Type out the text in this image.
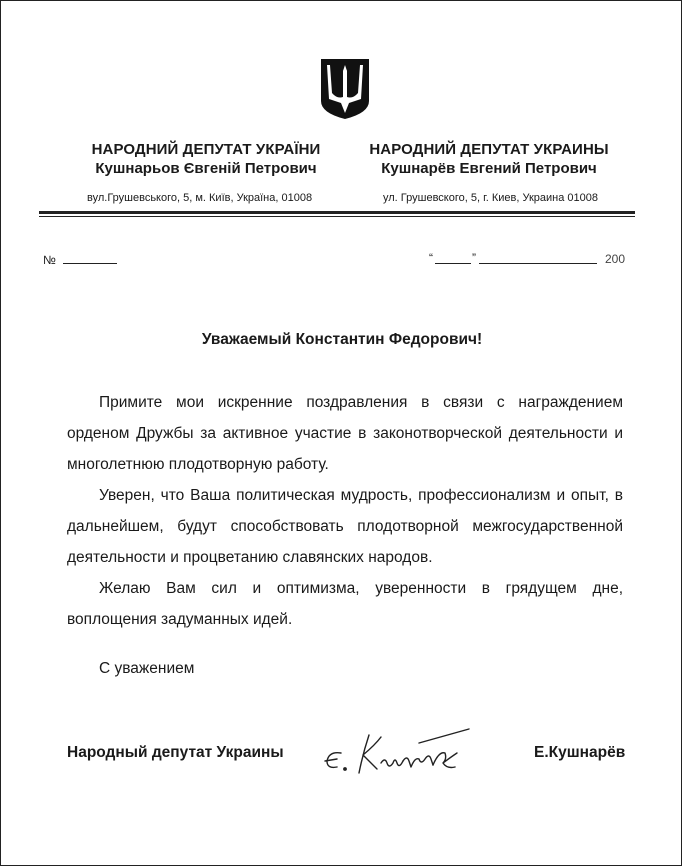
НАРОДНИЙ ДЕПУТАТ УКРАЇНИ
Кушнарьов Євгеній Петрович
НАРОДНИЙ ДЕПУТАТ УКРАИНЫ
Кушнарёв Евгений Петрович
вул.Грушевського, 5, м. Київ, Україна, 01008	ул. Грушевского, 5, г. Киев, Украина 01008
№	“	”	200
Уважаемый Константин Федорович!

Примите мои искренние поздравления в связи с награждением орденом Дружбы за активное участие в законотворческой деятельности и многолетнюю плодотворную работу.

Уверен, что Ваша политическая мудрость, профессионализм и опыт, в дальнейшем, будут способствовать плодотворной межгосударственной деятельности и процветанию славянских народов.

Желаю Вам сил и оптимизма, уверенности в грядущем дне, воплощения задуманных идей.

С уважением
Народный депутат Украины	Е.Кушнарёв
